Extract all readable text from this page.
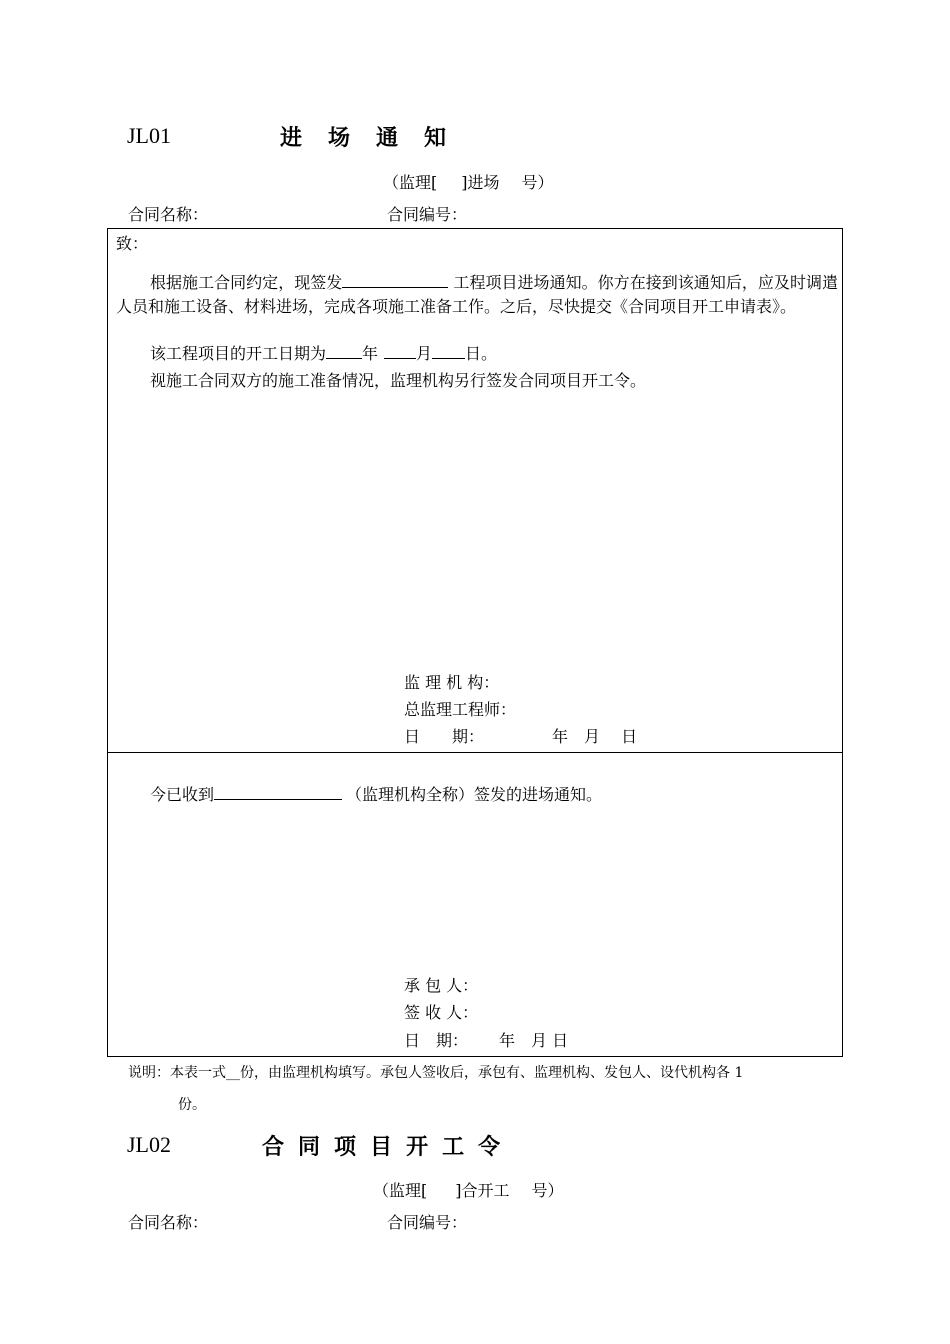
JL01	进 场 通 知
（监理[ ]进场 号）
合同名称：	合同编号：
致：
根据施工合同约定，现签发	工程项目进场通知。你方在接到该通知后，应及时调遣人员和施工设备、材料进场，完成各项施工准备工作。之后，尽快提交《合同项目开工申请表》。
该工程项目的开工日期为 年 月 日。
视施工合同双方的施工准备情况，监理机构另行签发合同项目开工令。
监 理 机 构：
总监理工程师：
日　　期：	年　月　 日
今已收到	（监理机构全称）签发的进场通知。
承 包 人：
签 收 人：
日　期： 年　月 日
说明：本表一式__份，由监理机构填写。承包人签收后，承包有、监理机构、发包人、设代机构各 1
份。
JL02	合 同 项 目 开 工 令
（监理[ ]合开工 号）
合同名称：	合同编号：
